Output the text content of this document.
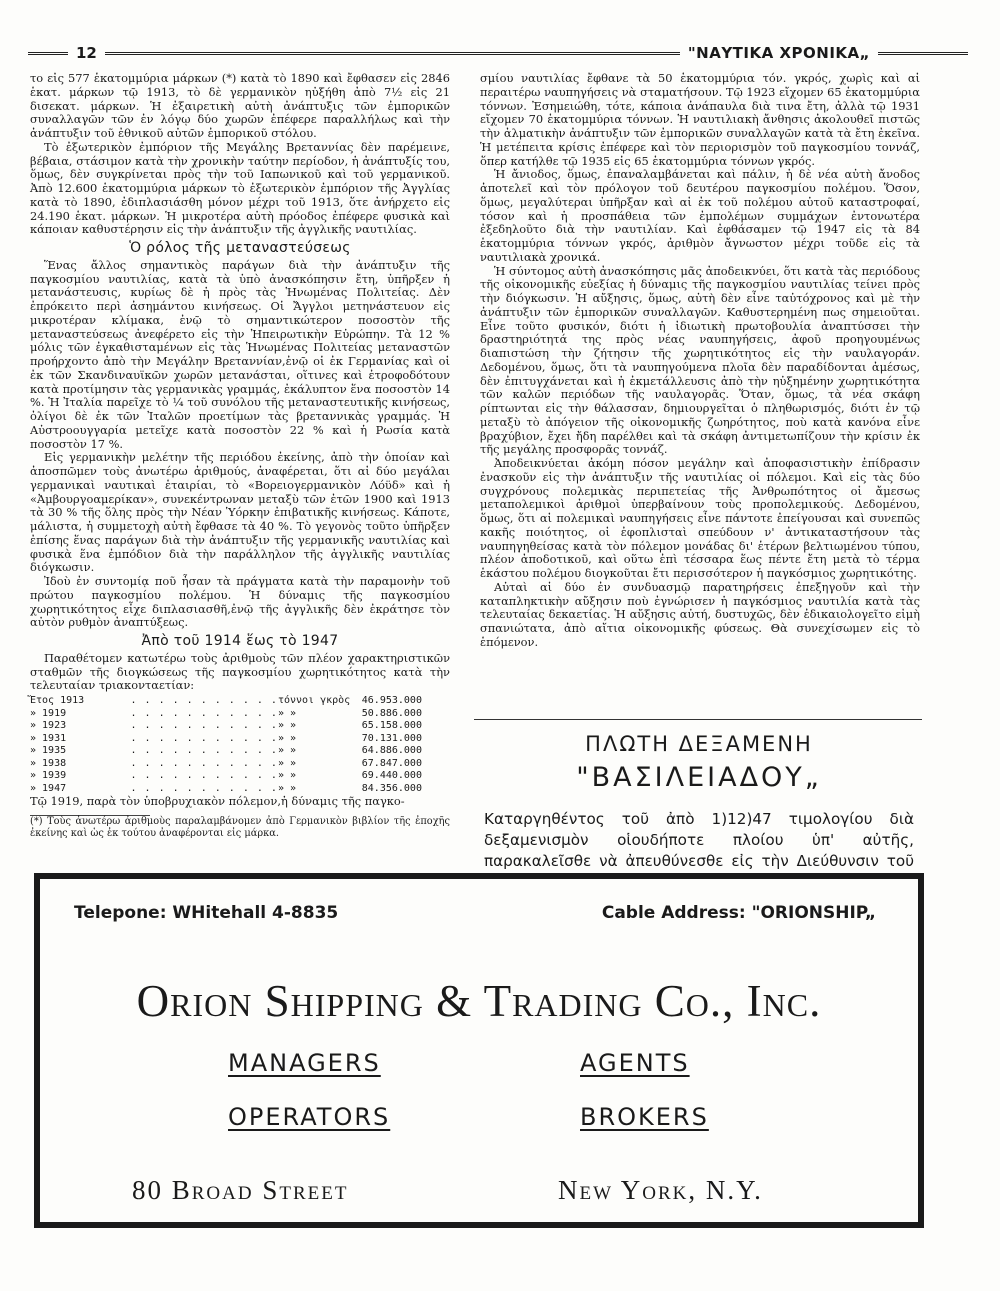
12	"ΝΑΥΤΙΚΑ ΧΡΟΝΙΚΑ„

το εἰς 577 ἑκατομμύρια μάρκων (*) κατὰ τὸ 1890 καὶ ἔφθασεν εἰς 2846 ἑκατ. μάρκων τῷ 1913, τὸ δὲ γερμανικὸν ηὐξήθη ἀπὸ 7½ εἰς 21 δισεκατ. μάρκων. Ἡ ἐξαιρετικὴ αὐτὴ ἀνάπτυξις τῶν ἐμπορικῶν συναλλαγῶν τῶν ἐν λόγῳ δύο χωρῶν ἐπέφερε παραλλήλως καὶ τὴν ἀνάπτυξιν τοῦ ἐθνικοῦ αὐτῶν ἐμπορικοῦ στόλου.

Τὸ ἐξωτερικὸν ἐμπόριον τῆς Μεγάλης Βρεταννίας δὲν παρέμεινε, βέβαια, στάσιμον κατὰ τὴν χρονικὴν ταύτην περίοδον, ἡ ἀνάπτυξίς του, ὅμως, δὲν συγκρίνεται πρὸς τὴν τοῦ Ιαπωνικοῦ καὶ τοῦ γερμανικοῦ. Ἀπὸ 12.600 ἑκατομμύρια μάρκων τὸ ἐξωτερικὸν ἐμπόριον τῆς Ἀγγλίας κατὰ τὸ 1890, ἐδιπλασιάσθη μόνον μέχρι τοῦ 1913, ὅτε ἀνήρχετο εἰς 24.190 ἑκατ. μάρκων. Ἡ μικροτέρα αὐτὴ πρόοδος ἐπέφερε φυσικὰ καὶ κάποιαν καθυστέρησιν εἰς τὴν ἀνάπτυξιν τῆς ἀγγλικῆς ναυτιλίας.

Ὁ ρόλος τῆς μεταναστεύσεως

Ἕνας ἄλλος σημαντικὸς παράγων διὰ τὴν ἀνάπτυξιν τῆς παγκοσμίου ναυτιλίας, κατὰ τὰ ὑπὸ ἀνασκόπησιν ἔτη, ὑπῆρξεν ἡ μετανάστευσις, κυρίως δὲ ἡ πρὸς τὰς Ἡνωμένας Πολιτείας. Δὲν ἐπρόκειτο περὶ ἀσημάντου κινήσεως. Οἱ Ἄγγλοι μετηνάστευον εἰς μικροτέραν κλίμακα, ἐνῷ τὸ σημαντικώτερον ποσοστὸν τῆς μεταναστεύσεως ἀνεφέρετο εἰς τὴν Ἠπειρωτικὴν Εὐρώπην. Τὰ 12 % μόλις τῶν ἐγκαθισταμένων εἰς τὰς Ἡνωμένας Πολιτείας μεταναστῶν προήρχοντο ἀπὸ τὴν Μεγάλην Βρεταννίαν,ἐνῷ οἱ ἐκ Γερμανίας καὶ οἱ ἐκ τῶν Σκανδιναυϊκῶν χωρῶν μετανάσται, οἵτινες καὶ ἐτροφοδότουν κατὰ προτίμησιν τὰς γερμανικὰς γραμμάς, ἐκάλυπτον ἕνα ποσοστὸν 14 %. Ἡ Ἰταλία παρεῖχε τὸ ¼ τοῦ συνόλου τῆς μεταναστευτικῆς κινήσεως, ὀλίγοι δὲ ἐκ τῶν Ἰταλῶν προετίμων τὰς βρεταννικὰς γραμμάς. Ἡ Αὐστροουγγαρία μετεῖχε κατὰ ποσοστὸν 22 % καὶ ἡ Ρωσία κατὰ ποσοστὸν 17 %.

Εἰς γερμανικὴν μελέτην τῆς περιόδου ἐκείνης, ἀπὸ τὴν ὁποίαν καὶ ἀποσπῶμεν τοὺς ἀνωτέρω ἀριθμούς, ἀναφέρεται, ὅτι αἱ δύο μεγάλαι γερμανικαὶ ναυτικαὶ ἑταιρίαι, τὸ «Βορειογερμανικὸν Λόϋδ» καὶ ἡ «Ἀμβουργοαμερίκαν», συνεκέντρωναν μεταξὺ τῶν ἐτῶν 1900 καὶ 1913 τὰ 30 % τῆς ὅλης πρὸς τὴν Νέαν Ὑόρκην ἐπιβατικῆς κινήσεως. Κάποτε, μάλιστα, ἡ συμμετοχὴ αὐτὴ ἔφθασε τὰ 40 %. Τὸ γεγονὸς τοῦτο ὑπῆρξεν ἐπίσης ἕνας παράγων διὰ τὴν ἀνάπτυξιν τῆς γερμανικῆς ναυτιλίας καὶ φυσικὰ ἕνα ἐμπόδιον διὰ τὴν παράλληλον τῆς ἀγγλικῆς ναυτιλίας διόγκωσιν.

Ἰδοὺ ἐν συντομίᾳ ποῦ ἦσαν τὰ πράγματα κατὰ τὴν παραμονὴν τοῦ πρώτου παγκοσμίου πολέμου. Ἡ δύναμις τῆς παγκοσμίου χωρητικότητος εἶχε διπλασιασθῆ,ἐνῷ τῆς ἀγγλικῆς δὲν ἐκράτησε τὸν αὐτὸν ρυθμὸν ἀναπτύξεως.

Ἀπὸ τοῦ 1914 ἕως τὸ 1947

Παραθέτομεν κατωτέρω τοὺς ἀριθμοὺς τῶν πλέον χαρακτηριστικῶν σταθμῶν τῆς διογκώσεως τῆς παγκοσμίου χωρητικότητος κατὰ τὴν τελευταίαν τριακονταετίαν:

Ἔτος 1913	. . . . . . . . . . . τόννοι γκρὸς	46.953.000
» 1919	. . . . . . . . . . . » »	50.886.000
» 1923	. . . . . . . . . . . » »	65.158.000
» 1931	. . . . . . . . . . . » »	70.131.000
» 1935	. . . . . . . . . . . » »	64.886.000
» 1938	. . . . . . . . . . . » »	67.847.000
» 1939	. . . . . . . . . . . » »	69.440.000
» 1947	. . . . . . . . . . . » »	84.356.000

Τῷ 1919, παρὰ τὸν ὑποβρυχιακὸν πόλεμον,ἡ δύναμις τῆς παγκο-

(*) Τοὺς ἀνωτέρω ἀριθμοὺς παραλαμβάνομεν ἀπὸ Γερμανικὸν βιβλίον τῆς ἐποχῆς ἐκείνης καὶ ὡς ἐκ τούτου ἀναφέρονται εἰς μάρκα.

σμίου ναυτιλίας ἔφθανε τὰ 50 ἑκατομμύρια τόν. γκρός, χωρὶς καὶ αἱ περαιτέρω ναυπηγήσεις νὰ σταματήσουν. Τῷ 1923 εἴχομεν 65 ἑκατομμύρια τόννων. Ἐσημειώθη, τότε, κάποια ἀνάπαυλα διὰ τινα ἔτη, ἀλλὰ τῷ 1931 εἴχομεν 70 ἑκατομμύρια τόννων. Ἡ ναυτιλιακὴ ἄνθησις ἀκολουθεῖ πιστῶς τὴν ἀλματικὴν ἀνάπτυξιν τῶν ἐμπορικῶν συναλλαγῶν κατὰ τὰ ἔτη ἐκεῖνα. Ἡ μετέπειτα κρίσις ἐπέφερε καὶ τὸν περιορισμὸν τοῦ παγκοσμίου τοννάζ, ὅπερ κατήλθε τῷ 1935 εἰς 65 ἑκατομμύρια τόννων γκρός.

Ἡ ἄνιοδος, ὅμως, ἐπαναλαμβάνεται καὶ πάλιν, ἡ δὲ νέα αὐτὴ ἄνοδος ἀποτελεῖ καὶ τὸν πρόλογον τοῦ δευτέρου παγκοσμίου πολέμου. Ὅσον, ὅμως, μεγαλύτεραι ὑπῆρξαν καὶ αἱ ἐκ τοῦ πολέμου αὐτοῦ καταστροφαί, τόσον καὶ ἡ προσπάθεια τῶν ἐμπολέμων συμμάχων ἐντονωτέρα ἐξεδηλοῦτο διὰ τὴν ναυτιλίαν. Καὶ ἐφθάσαμεν τῷ 1947 εἰς τὰ 84 ἑκατομμύρια τόννων γκρός, ἀριθμὸν ἄγνωστον μέχρι τοῦδε εἰς τὰ ναυτιλιακὰ χρονικά.

Ἡ σύντομος αὐτὴ ἀνασκόπησις μᾶς ἀποδεικνύει, ὅτι κατὰ τὰς περιόδους τῆς οἰκονομικῆς εὐεξίας ἡ δύναμις τῆς παγκοσμίου ναυτιλίας τείνει πρὸς τὴν διόγκωσιν. Ἡ αὔξησις, ὅμως, αὐτὴ δὲν εἶνε ταὐτόχρονος καὶ μὲ τὴν ἀνάπτυξιν τῶν ἐμπορικῶν συναλλαγῶν. Καθυστερημένη πως σημειοῦται. Εἶνε τοῦτο φυσικόν, διότι ἡ ἰδιωτικὴ πρωτοβουλία ἀναπτύσσει τὴν δραστηριότητά της πρὸς νέας ναυπηγήσεις, ἀφοῦ προηγουμένως διαπιστώση τὴν ζήτησιν τῆς χωρητικότητος εἰς τὴν ναυλαγοράν. Δεδομένου, ὅμως, ὅτι τὰ ναυπηγούμενα πλοῖα δὲν παραδίδονται ἀμέσως, δὲν ἐπιτυγχάνεται καὶ ἡ ἐκμετάλλευσις ἀπὸ τὴν ηὐξημένην χωρητικότητα τῶν καλῶν περιόδων τῆς ναυλαγορᾶς. Ὅταν, ὅμως, τὰ νέα σκάφη ρίπτωνται εἰς τὴν θάλασσαν, δημιουργεῖται ὁ πληθωρισμός, διότι ἐν τῷ μεταξὺ τὸ ἀπόγειον τῆς οἰκονομικῆς ζωηρότητος, ποὺ κατὰ κανόνα εἶνε βραχύβιον, ἔχει ἤδη παρέλθει καὶ τὰ σκάφη ἀντιμετωπίζουν τὴν κρίσιν ἐκ τῆς μεγάλης προσφορᾶς τοννάζ.

Ἀποδεικνύεται ἀκόμη πόσον μεγάλην καὶ ἀποφασιστικὴν ἐπίδρασιν ἐνασκοῦν εἰς τὴν ἀνάπτυξιν τῆς ναυτιλίας οἱ πόλεμοι. Καὶ εἰς τὰς δύο συγχρόνους πολεμικὰς περιπετείας τῆς Ἀνθρωπότητος οἱ ἄμεσως μεταπολεμικοὶ ἀριθμοὶ ὑπερβαίνουν τοὺς προπολεμικούς. Δεδομένου, ὅμως, ὅτι αἱ πολεμικαὶ ναυπηγήσεις εἶνε πάντοτε ἐπείγουσαι καὶ συνεπῶς κακῆς ποιότητος, οἱ ἐφοπλισταὶ σπεύδουν ν' ἀντικαταστήσουν τὰς ναυπηγηθείσας κατὰ τὸν πόλεμον μονάδας δι' ἑτέρων βελτιωμένου τύπου, πλέον ἀποδοτικοῦ, καὶ οὕτω ἐπὶ τέσσαρα ἕως πέντε ἔτη μετὰ τὸ τέρμα ἑκάστου πολέμου διογκοῦται ἔτι περισσότερον ἡ παγκόσμιος χωρητικότης.

Αὐταὶ αἱ δύο ἐν συνδυασμῷ παρατηρήσεις ἐπεξηγοῦν καὶ τὴν καταπληκτικὴν αὔξησιν ποὺ ἐγνώρισεν ἡ παγκόσμιος ναυτιλία κατὰ τὰς τελευταίας δεκαετίας. Ἡ αὔξησις αὐτή, δυστυχῶς, δὲν ἐδικαιολογεῖτο εἰμὴ σπανιώτατα, ἀπὸ αἴτια οἰκονομικῆς φύσεως. Θὰ συνεχίσωμεν εἰς τὸ ἑπόμενον.

ΠΛΩΤΗ ΔΕΞΑΜΕΝΗ
"ΒΑΣΙΛΕΙΑΔΟΥ„
Καταργηθέντος τοῦ ἀπὸ 1)12)47 τιμολογίου διὰ δεξαμενισμὸν οἱουδήποτε πλοίου ὑπ' αὐτῆς, παρακαλεῖσθε νὰ ἀπευθύνεσθε εἰς τὴν Διεύθυνσιν τοῦ
Telepone: WHitehall 4-8835	Cable Address: "ORIONSHIP„
Orion Shipping & Trading Co., Inc.
MANAGERS	AGENTS
OPERATORS	BROKERS
80 Broad Street	New York, N.Y.
